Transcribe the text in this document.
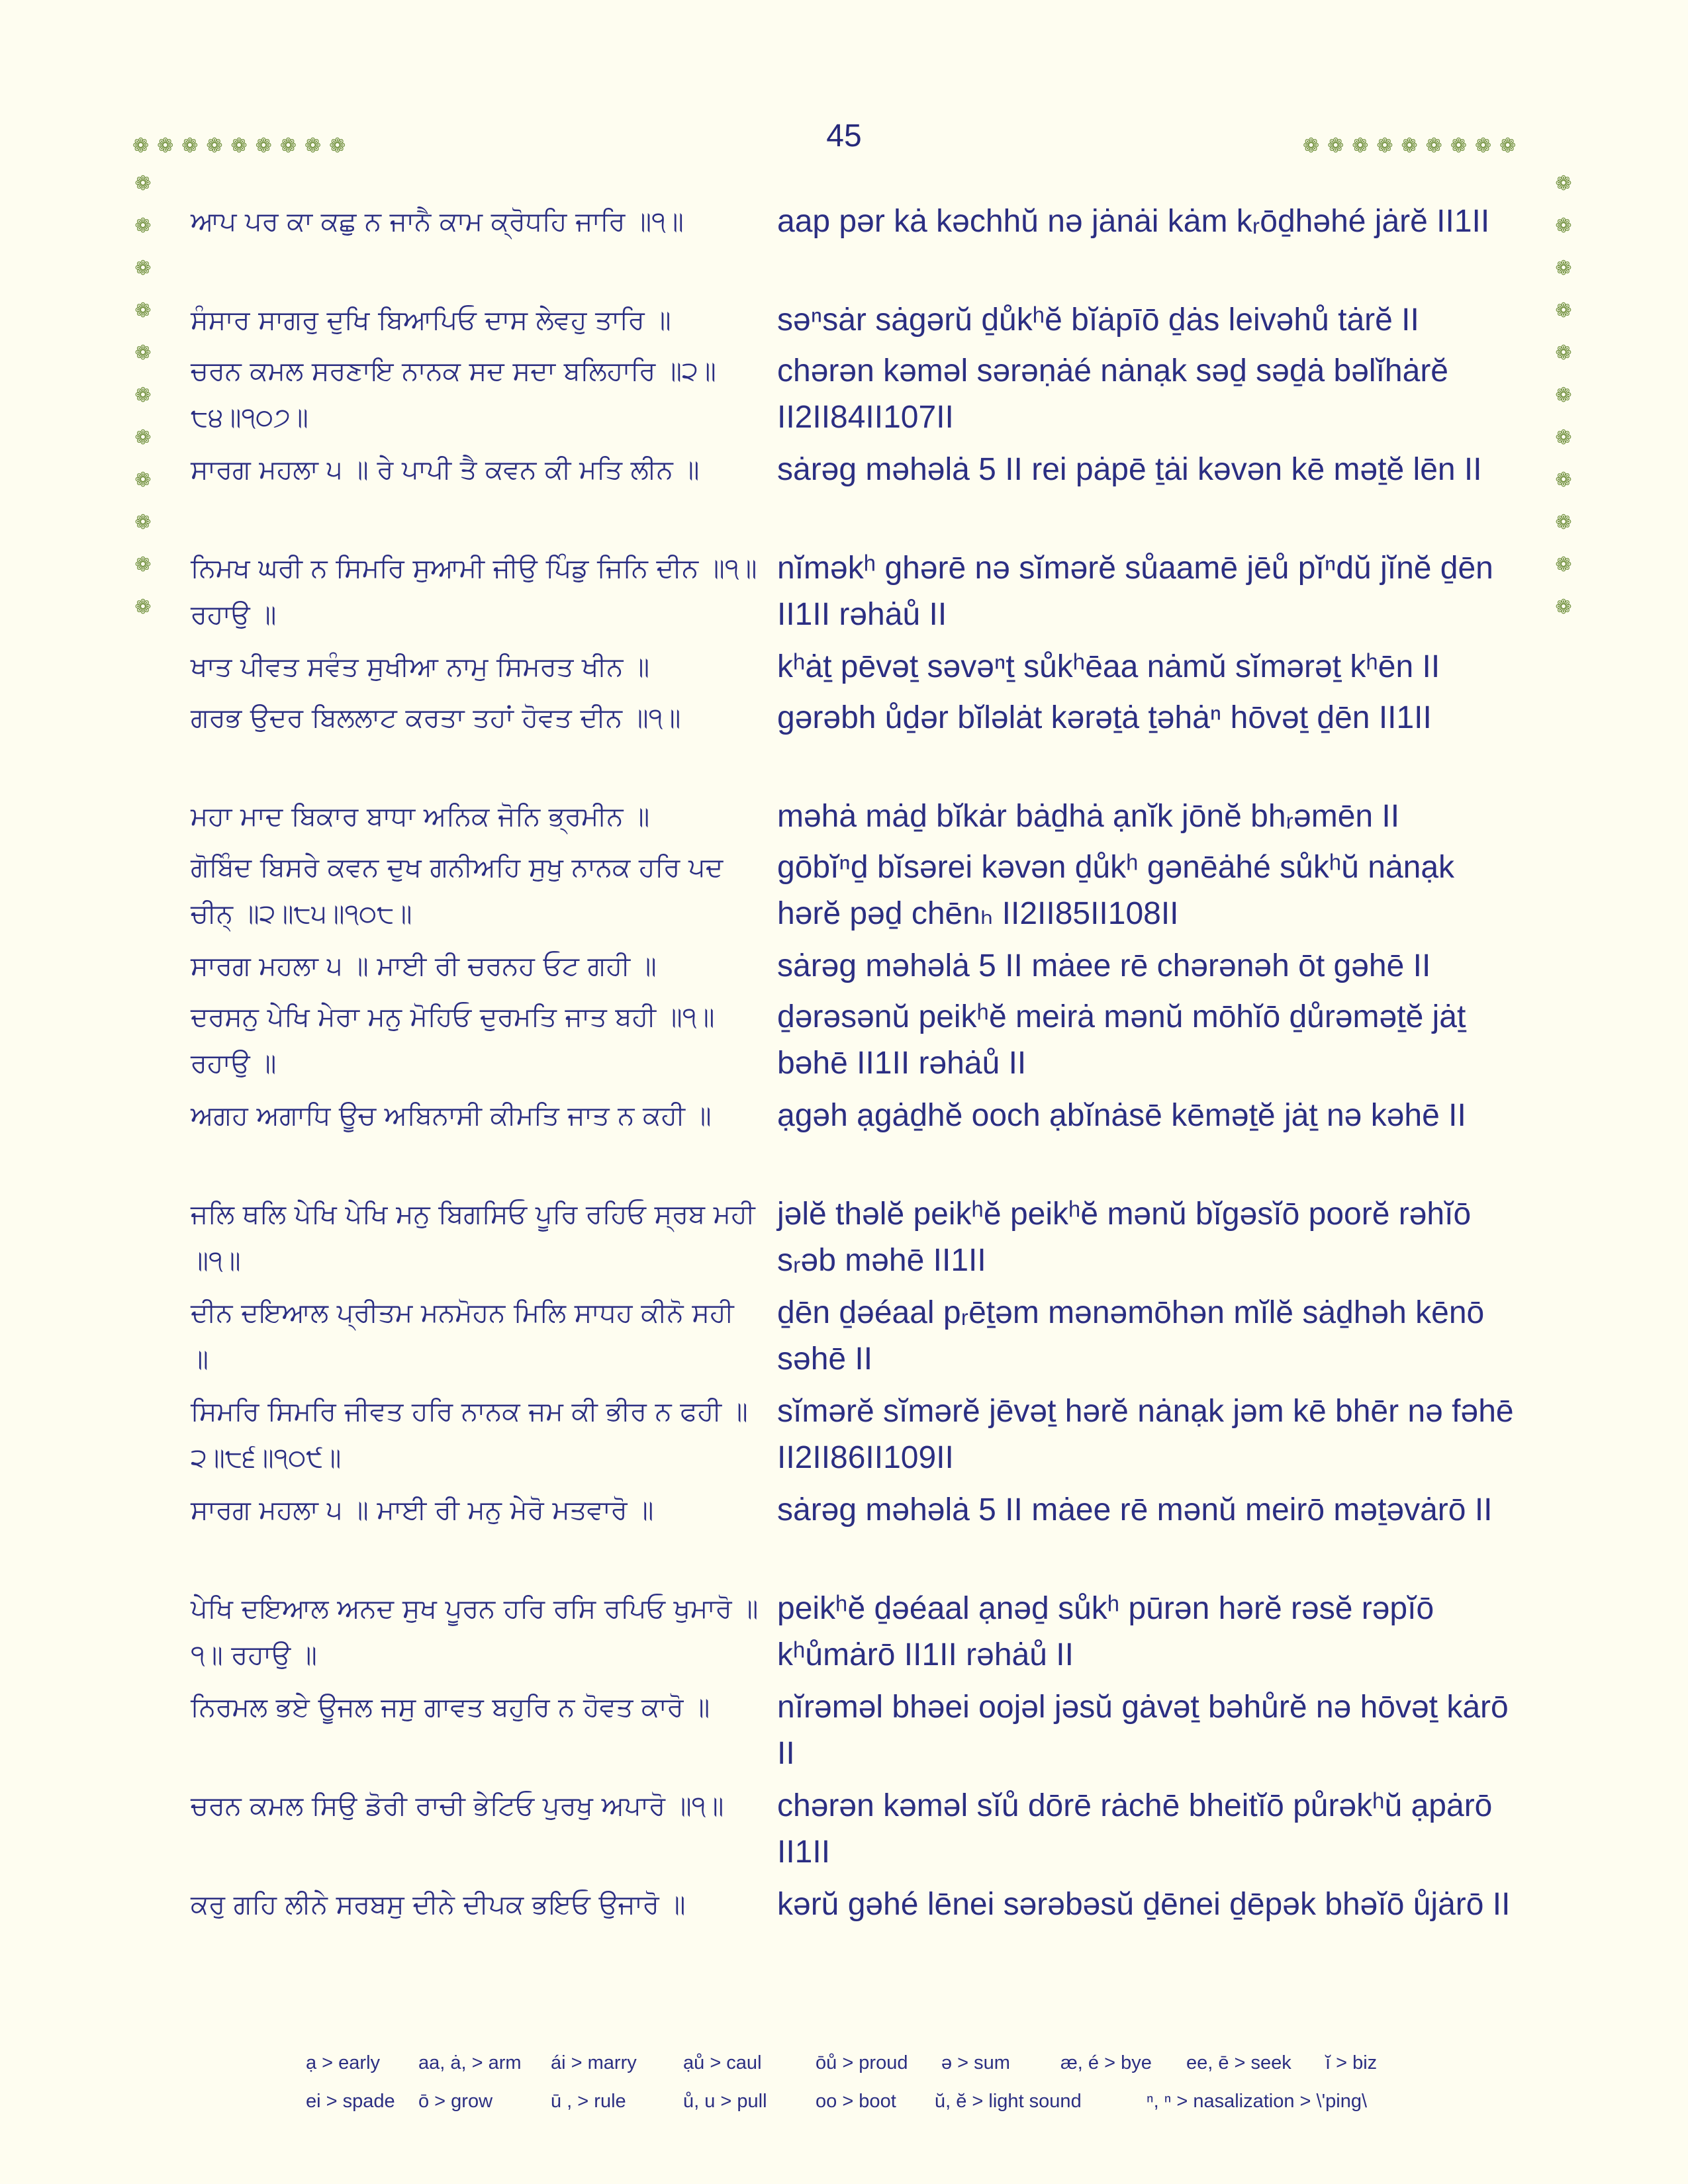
45
❁❁❁❁❁❁❁❁❁	❁❁❁❁❁❁❁❁❁
❁
❁
❁
❁
❁
❁
❁
❁
❁
❁
❁
❁
❁
❁
❁
❁
❁
❁
❁
❁
❁
❁
ਆਪ ਪਰ ਕਾ ਕਛੁ ਨ ਜਾਨੈ ਕਾਮ ਕ੍ਰੋਧਹਿ ਜਾਰਿ ॥੧॥	aap pər kȧ kəchhŭ nə jȧnȧi kȧm kᵣōḏhəhé jȧrĕ II1II
ਸੰਸਾਰ ਸਾਗਰੁ ਦੁਖਿ ਬਿਆਪਿਓ ਦਾਸ ਲੇਵਹੁ ਤਾਰਿ ॥	səⁿsȧr sȧgərŭ ḏůkʰĕ bĭȧpīō ḏȧs leivəhů tȧrĕ II
ਚਰਨ ਕਮਲ ਸਰਣਾਇ ਨਾਨਕ ਸਦ ਸਦਾ ਬਲਿਹਾਰਿ ॥੨॥੮੪॥੧੦੭॥
chərən kəməl sərəṇȧé nȧnạk səḏ səḏȧ bəlĭhȧrĕ II2II84II107II
ਸਾਰਗ ਮਹਲਾ ੫ ॥ ਰੇ ਪਾਪੀ ਤੈ ਕਵਨ ਕੀ ਮਤਿ ਲੀਨ ॥	sȧrəg məhəlȧ 5 II rei pȧpē ṯȧi kəvən kē məṯĕ lēn II
ਨਿਮਖ ਘਰੀ ਨ ਸਿਮਰਿ ਸੁਆਮੀ ਜੀਉ ਪਿੰਡੁ ਜਿਨਿ ਦੀਨ ॥੧॥ ਰਹਾਉ ॥
nĭməkʰ ghərē nə sĭmərĕ sůaamē jēů pĭⁿdŭ jĭnĕ ḏēn II1II rəhȧů II
ਖਾਤ ਪੀਵਤ ਸਵੰਤ ਸੁਖੀਆ ਨਾਮੁ ਸਿਮਰਤ ਖੀਨ ॥	kʰȧṯ pēvəṯ səvəⁿṯ sůkʰēaa nȧmŭ sĭmərəṯ kʰēn II
ਗਰਭ ਉਦਰ ਬਿਲਲਾਟ ਕਰਤਾ ਤਹਾਂ ਹੋਵਤ ਦੀਨ ॥੧॥	gərəbh ůḏər bĭləlȧt kərəṯȧ ṯəhȧⁿ hōvəṯ ḏēn II1II
ਮਹਾ ਮਾਦ ਬਿਕਾਰ ਬਾਧਾ ਅਨਿਕ ਜੋਨਿ ਭ੍ਰਮੀਨ ॥	məhȧ mȧḏ bĭkȧr bȧḏhȧ ạnĭk jōnĕ bhᵣəmēn II
ਗੋਬਿੰਦ ਬਿਸਰੇ ਕਵਨ ਦੁਖ ਗਨੀਅਹਿ ਸੁਖੁ ਨਾਨਕ ਹਰਿ ਪਦ ਚੀਨ੍ ॥੨॥੮੫॥੧੦੮॥
gōbĭⁿḏ bĭsərei kəvən ḏůkʰ gənēȧhé sůkʰŭ nȧnạk hərĕ pəḏ chēnₕ II2II85II108II
ਸਾਰਗ ਮਹਲਾ ੫ ॥ ਮਾਈ ਰੀ ਚਰਨਹ ਓਟ ਗਹੀ ॥	sȧrəg məhəlȧ 5 II mȧee rē chərənəh ōt gəhē II
ਦਰਸਨੁ ਪੇਖਿ ਮੇਰਾ ਮਨੁ ਮੋਹਿਓ ਦੁਰਮਤਿ ਜਾਤ ਬਹੀ ॥੧॥ ਰਹਾਉ ॥
ḏərəsənŭ peikʰĕ meirȧ mənŭ mōhĭō ḏůrəməṯĕ jȧṯ bəhē II1II rəhȧů II
ਅਗਹ ਅਗਾਧਿ ਊਚ ਅਬਿਨਾਸੀ ਕੀਮਤਿ ਜਾਤ ਨ ਕਹੀ ॥	ạgəh ạgȧḏhĕ ooch ạbĭnȧsē kēməṯĕ jȧṯ nə kəhē II
ਜਲਿ ਥਲਿ ਪੇਖਿ ਪੇਖਿ ਮਨੁ ਬਿਗਸਿਓ ਪੂਰਿ ਰਹਿਓ ਸ੍ਰਬ ਮਹੀ ॥੧॥
jəlĕ thəlĕ peikʰĕ peikʰĕ mənŭ bĭgəsĭō poorĕ rəhĭō sᵣəb məhē II1II
ਦੀਨ ਦਇਆਲ ਪ੍ਰੀਤਮ ਮਨਮੋਹਨ ਮਿਲਿ ਸਾਧਹ ਕੀਨੋ ਸਹੀ ॥
ḏēn ḏəéaal pᵣēṯəm mənəmōhən mĭlĕ sȧḏhəh kēnō səhē II
ਸਿਮਰਿ ਸਿਮਰਿ ਜੀਵਤ ਹਰਿ ਨਾਨਕ ਜਮ ਕੀ ਭੀਰ ਨ ਫਹੀ ॥੨॥੮੬॥੧੦੯॥
sĭmərĕ sĭmərĕ jēvəṯ hərĕ nȧnạk jəm kē bhēr nə fəhē II2II86II109II
ਸਾਰਗ ਮਹਲਾ ੫ ॥ ਮਾਈ ਰੀ ਮਨੁ ਮੇਰੋ ਮਤਵਾਰੋ ॥	sȧrəg məhəlȧ 5 II mȧee rē mənŭ meirō məṯəvȧrō II
ਪੇਖਿ ਦਇਆਲ ਅਨਦ ਸੁਖ ਪੂਰਨ ਹਰਿ ਰਸਿ ਰਪਿਓ ਖੁਮਾਰੋ ॥੧॥ ਰਹਾਉ ॥
peikʰĕ ḏəéaal ạnəḏ sůkʰ pūrən hərĕ rəsĕ rəpĭō kʰůmȧrō II1II rəhȧů II
ਨਿਰਮਲ ਭਏ ਊਜਲ ਜਸੁ ਗਾਵਤ ਬਹੁਰਿ ਨ ਹੋਵਤ ਕਾਰੋ ॥	nĭrəməl bhəei oojəl jəsŭ gȧvəṯ bəhůrĕ nə hōvəṯ kȧrō II
ਚਰਨ ਕਮਲ ਸਿਉ ਡੋਰੀ ਰਾਚੀ ਭੇਟਿਓ ਪੁਰਖੁ ਅਪਾਰੋ ॥੧॥	chərən kəməl sĭů dōrē rȧchē bheitĭō půrəkʰŭ ạpȧrō II1II
ਕਰੁ ਗਹਿ ਲੀਨੇ ਸਰਬਸੁ ਦੀਨੇ ਦੀਪਕ ਭਇਓ ਉਜਾਰੋ ॥	kərŭ gəhé lēnei sərəbəsŭ ḏēnei ḏēpək bhəĭō ůjȧrō II
ạ > early	aa, ȧ, > arm	ái > marry	ạů > caul	ōů > proud	ə > sum	æ, é > bye	ee, ē > seek	ĭ > biz
ei > spade	ō > grow	ū , > rule	ů, u > pull	oo > boot	ŭ, ĕ > light sound	ⁿ, ⁿ > nasalization > \'ping\
